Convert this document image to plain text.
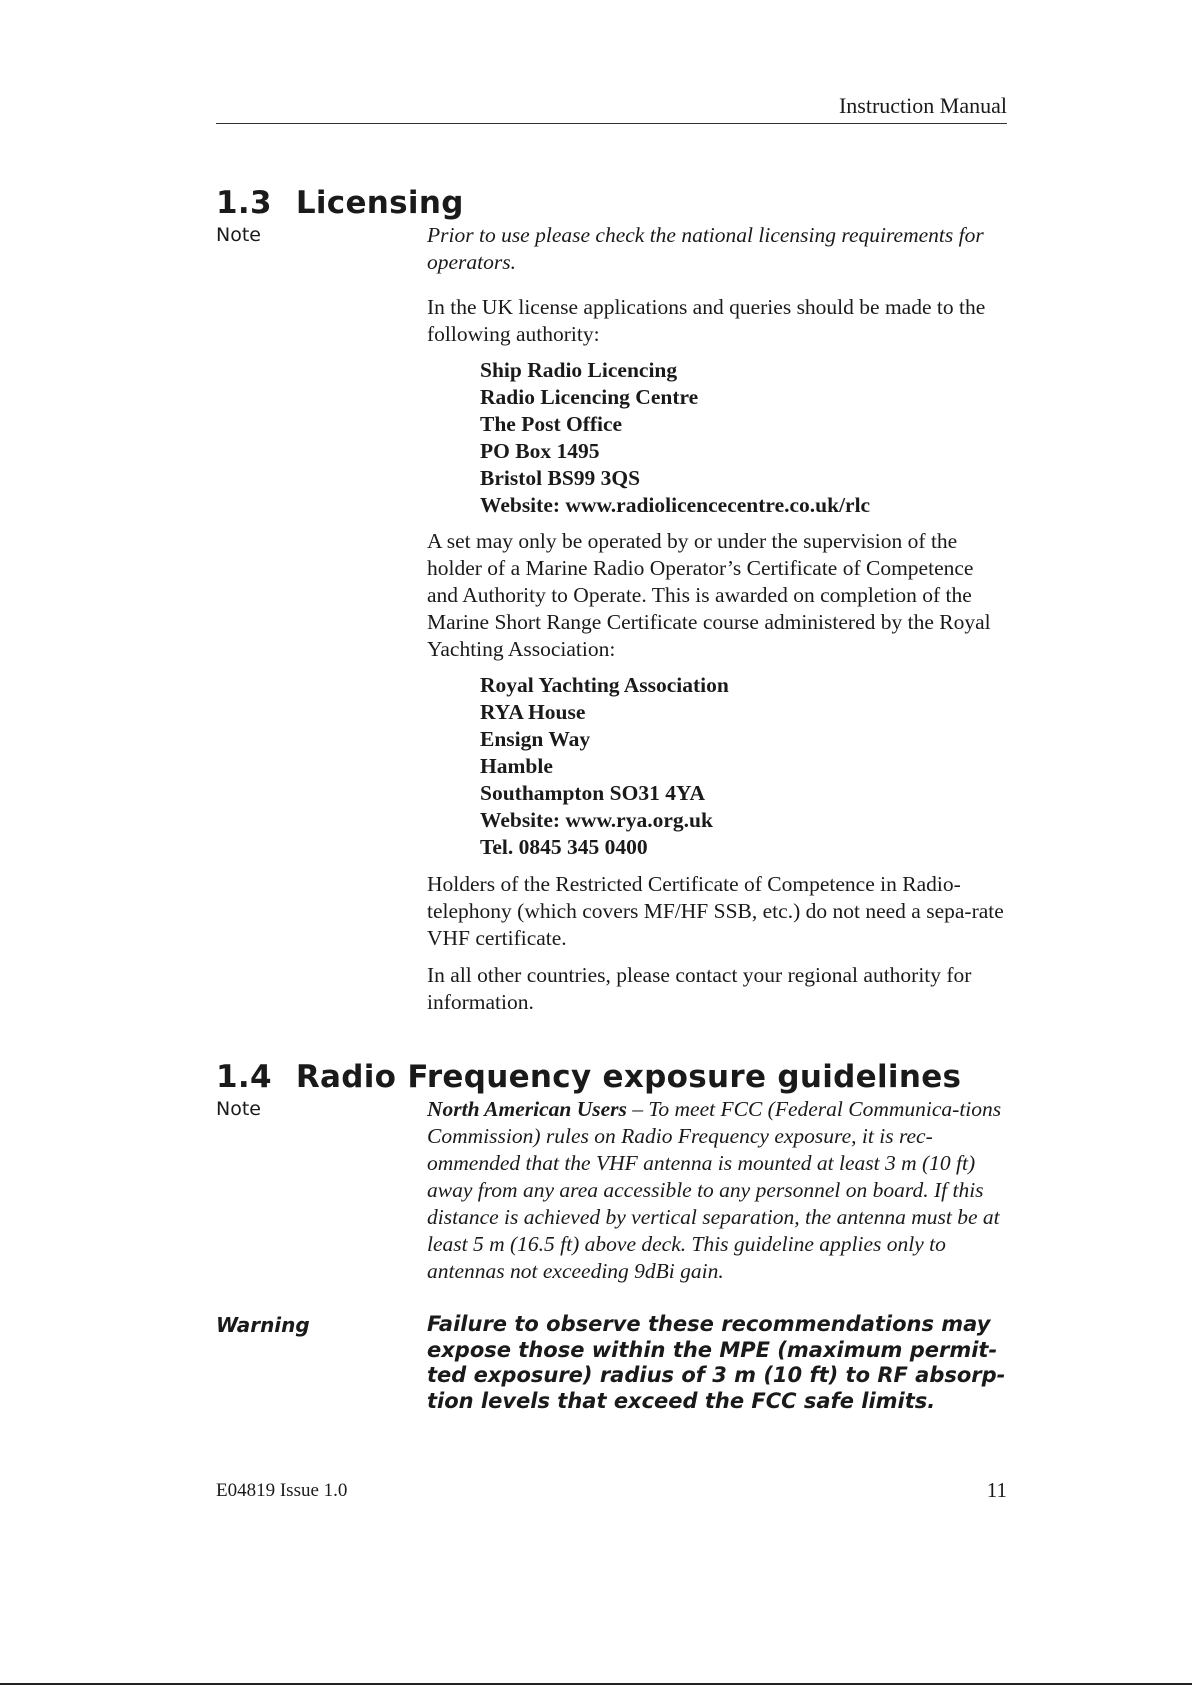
Instruction Manual
1.3 Licensing
Note	Prior to use please check the national licensing requirements for operators.

In the UK license applications and queries should be made to the following authority:

Ship Radio Licencing
Radio Licencing Centre
The Post Office
PO Box 1495
Bristol BS99 3QS
Website: www.radiolicencecentre.co.uk/rlc

A set may only be operated by or under the supervision of the holder of a Marine Radio Operator’s Certificate of Competence and Authority to Operate. This is awarded on completion of the Marine Short Range Certificate course administered by the Royal Yachting Association:

Royal Yachting Association
RYA House
Ensign Way
Hamble
Southampton SO31 4YA
Website: www.rya.org.uk
Tel. 0845 345 0400

Holders of the Restricted Certificate of Competence in Radio-telephony (which covers MF/HF SSB, etc.) do not need a sepa-rate VHF certificate.

In all other countries, please contact your regional authority for information.

1.4 Radio Frequency exposure guidelines
Note	North American Users – To meet FCC (Federal Communica-tions Commission) rules on Radio Frequency exposure, it is rec-ommended that the VHF antenna is mounted at least 3 m (10 ft) away from any area accessible to any personnel on board. If this distance is achieved by vertical separation, the antenna must be at least 5 m (16.5 ft) above deck. This guideline applies only to antennas not exceeding 9dBi gain.

Warning	Failure to observe these recommendations may expose those within the MPE (maximum permit-ted exposure) radius of 3 m (10 ft) to RF absorp-tion levels that exceed the FCC safe limits.
E04819 Issue 1.0	11
